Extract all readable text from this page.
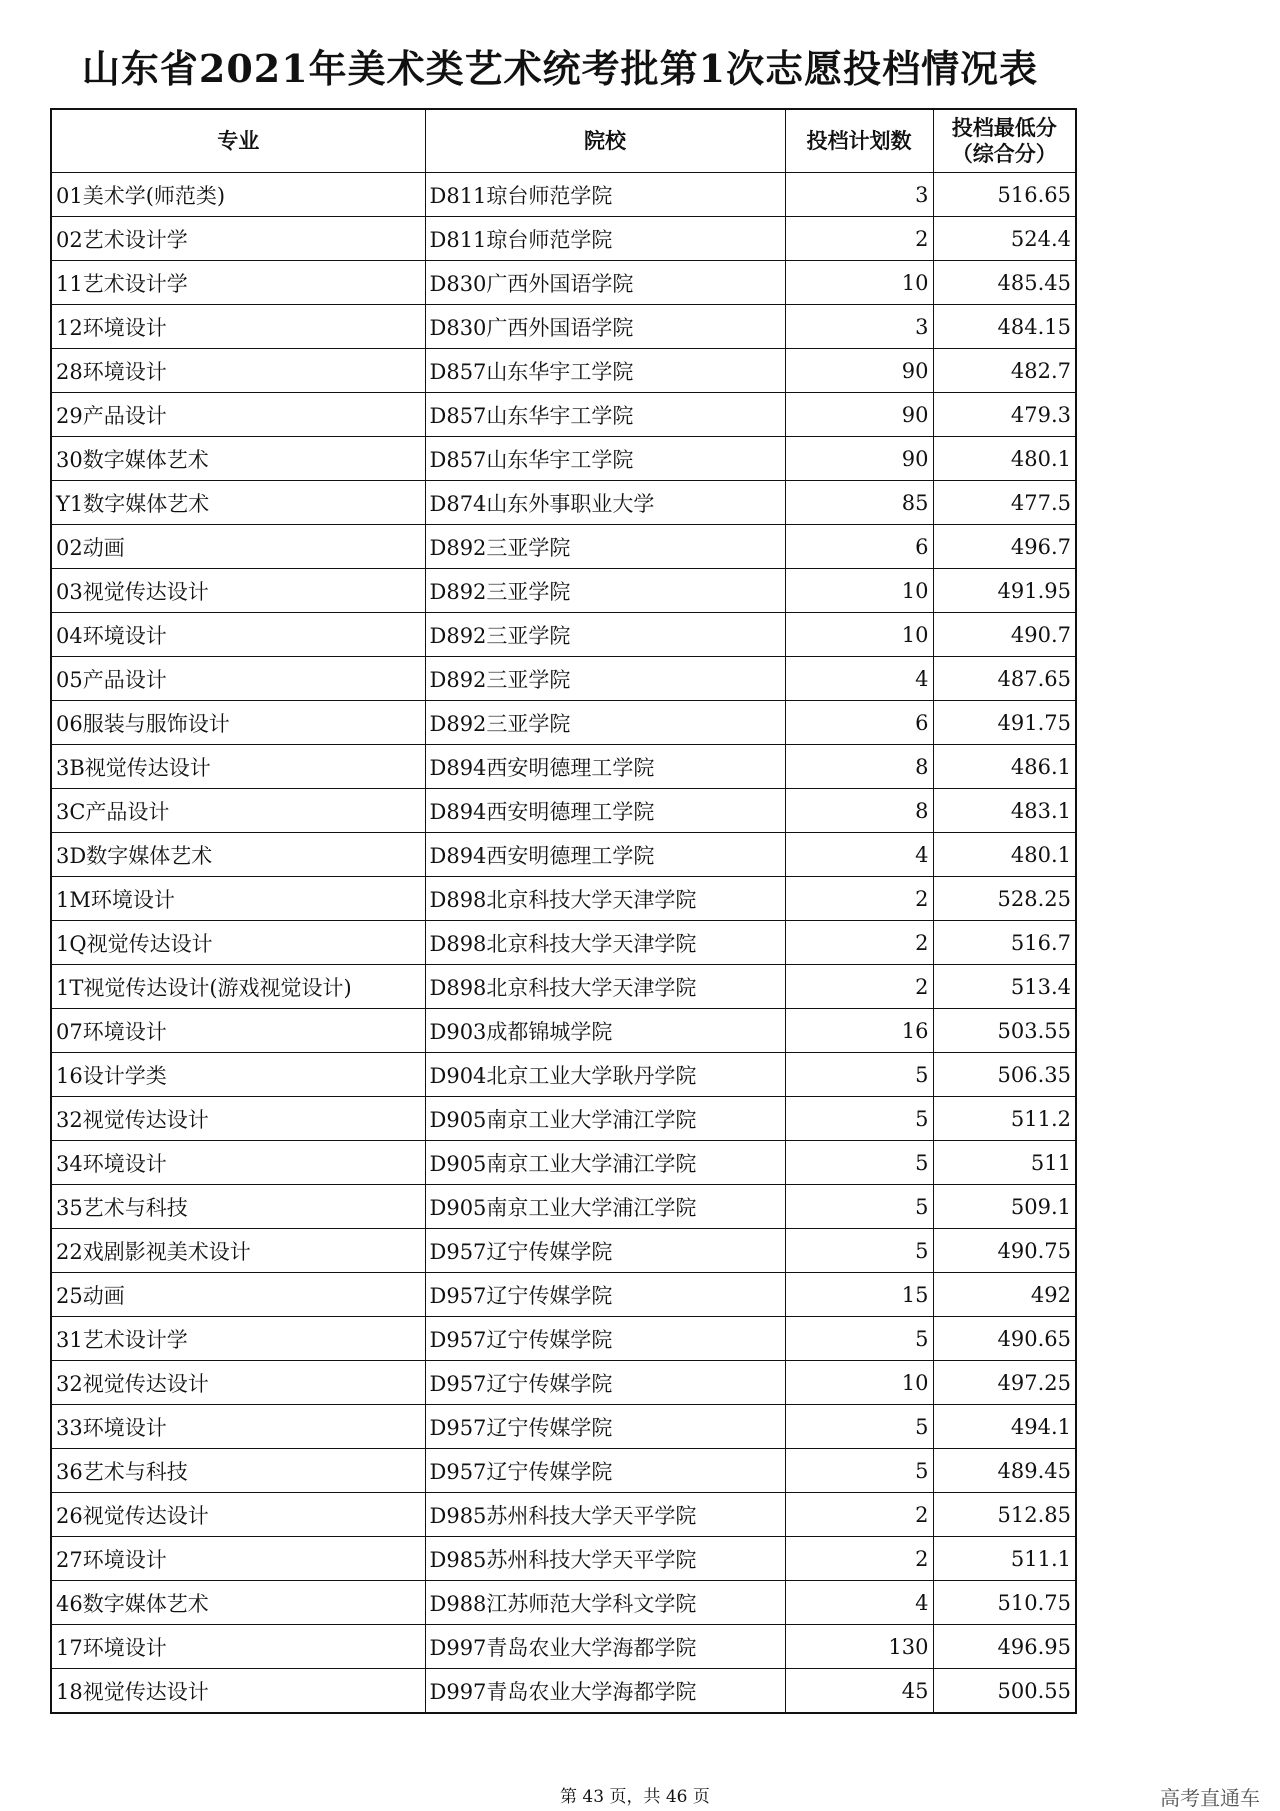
山东省2021年美术类艺术统考批第1次志愿投档情况表
专业	院校	投档计划数	投档最低分
（综合分）

01美术学(师范类)	D811琼台师范学院	3	516.65
02艺术设计学	D811琼台师范学院	2	524.4
11艺术设计学	D830广西外国语学院	10	485.45
12环境设计	D830广西外国语学院	3	484.15
28环境设计	D857山东华宇工学院	90	482.7
29产品设计	D857山东华宇工学院	90	479.3
30数字媒体艺术	D857山东华宇工学院	90	480.1
Y1数字媒体艺术	D874山东外事职业大学	85	477.5
02动画	D892三亚学院	6	496.7
03视觉传达设计	D892三亚学院	10	491.95
04环境设计	D892三亚学院	10	490.7
05产品设计	D892三亚学院	4	487.65
06服装与服饰设计	D892三亚学院	6	491.75
3B视觉传达设计	D894西安明德理工学院	8	486.1
3C产品设计	D894西安明德理工学院	8	483.1
3D数字媒体艺术	D894西安明德理工学院	4	480.1
1M环境设计	D898北京科技大学天津学院	2	528.25
1Q视觉传达设计	D898北京科技大学天津学院	2	516.7
1T视觉传达设计(游戏视觉设计)	D898北京科技大学天津学院	2	513.4
07环境设计	D903成都锦城学院	16	503.55
16设计学类	D904北京工业大学耿丹学院	5	506.35
32视觉传达设计	D905南京工业大学浦江学院	5	511.2
34环境设计	D905南京工业大学浦江学院	5	511
35艺术与科技	D905南京工业大学浦江学院	5	509.1
22戏剧影视美术设计	D957辽宁传媒学院	5	490.75
25动画	D957辽宁传媒学院	15	492
31艺术设计学	D957辽宁传媒学院	5	490.65
32视觉传达设计	D957辽宁传媒学院	10	497.25
33环境设计	D957辽宁传媒学院	5	494.1
36艺术与科技	D957辽宁传媒学院	5	489.45
26视觉传达设计	D985苏州科技大学天平学院	2	512.85
27环境设计	D985苏州科技大学天平学院	2	511.1
46数字媒体艺术	D988江苏师范大学科文学院	4	510.75
17环境设计	D997青岛农业大学海都学院	130	496.95
18视觉传达设计	D997青岛农业大学海都学院	45	500.55
第 43 页，共 46 页	高考直通车
